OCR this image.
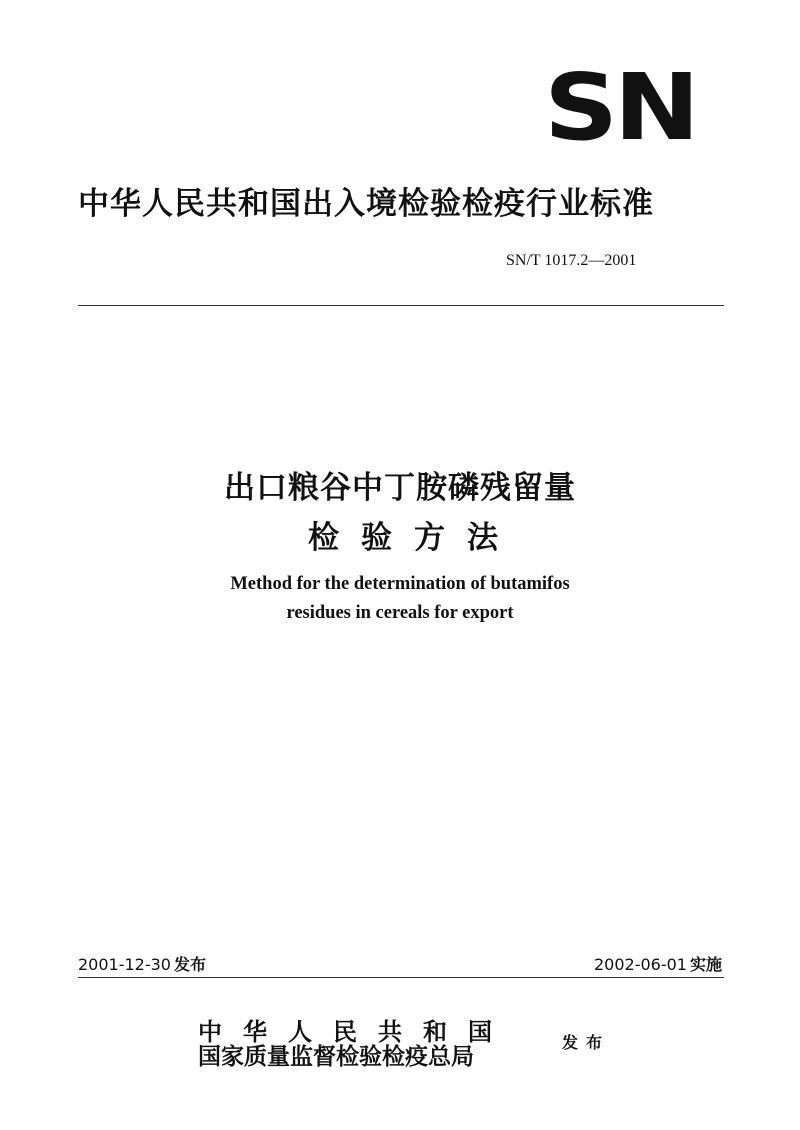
SN
中华人民共和国出入境检验检疫行业标准
SN/T 1017.2—2001
出口粮谷中丁胺磷残留量
检验方法
Method for the determination of butamifos
residues in cereals for export
2001-12-30 发布	2002-06-01 实施
中华人民共和国
国家质量监督检验检疫总局
发布
